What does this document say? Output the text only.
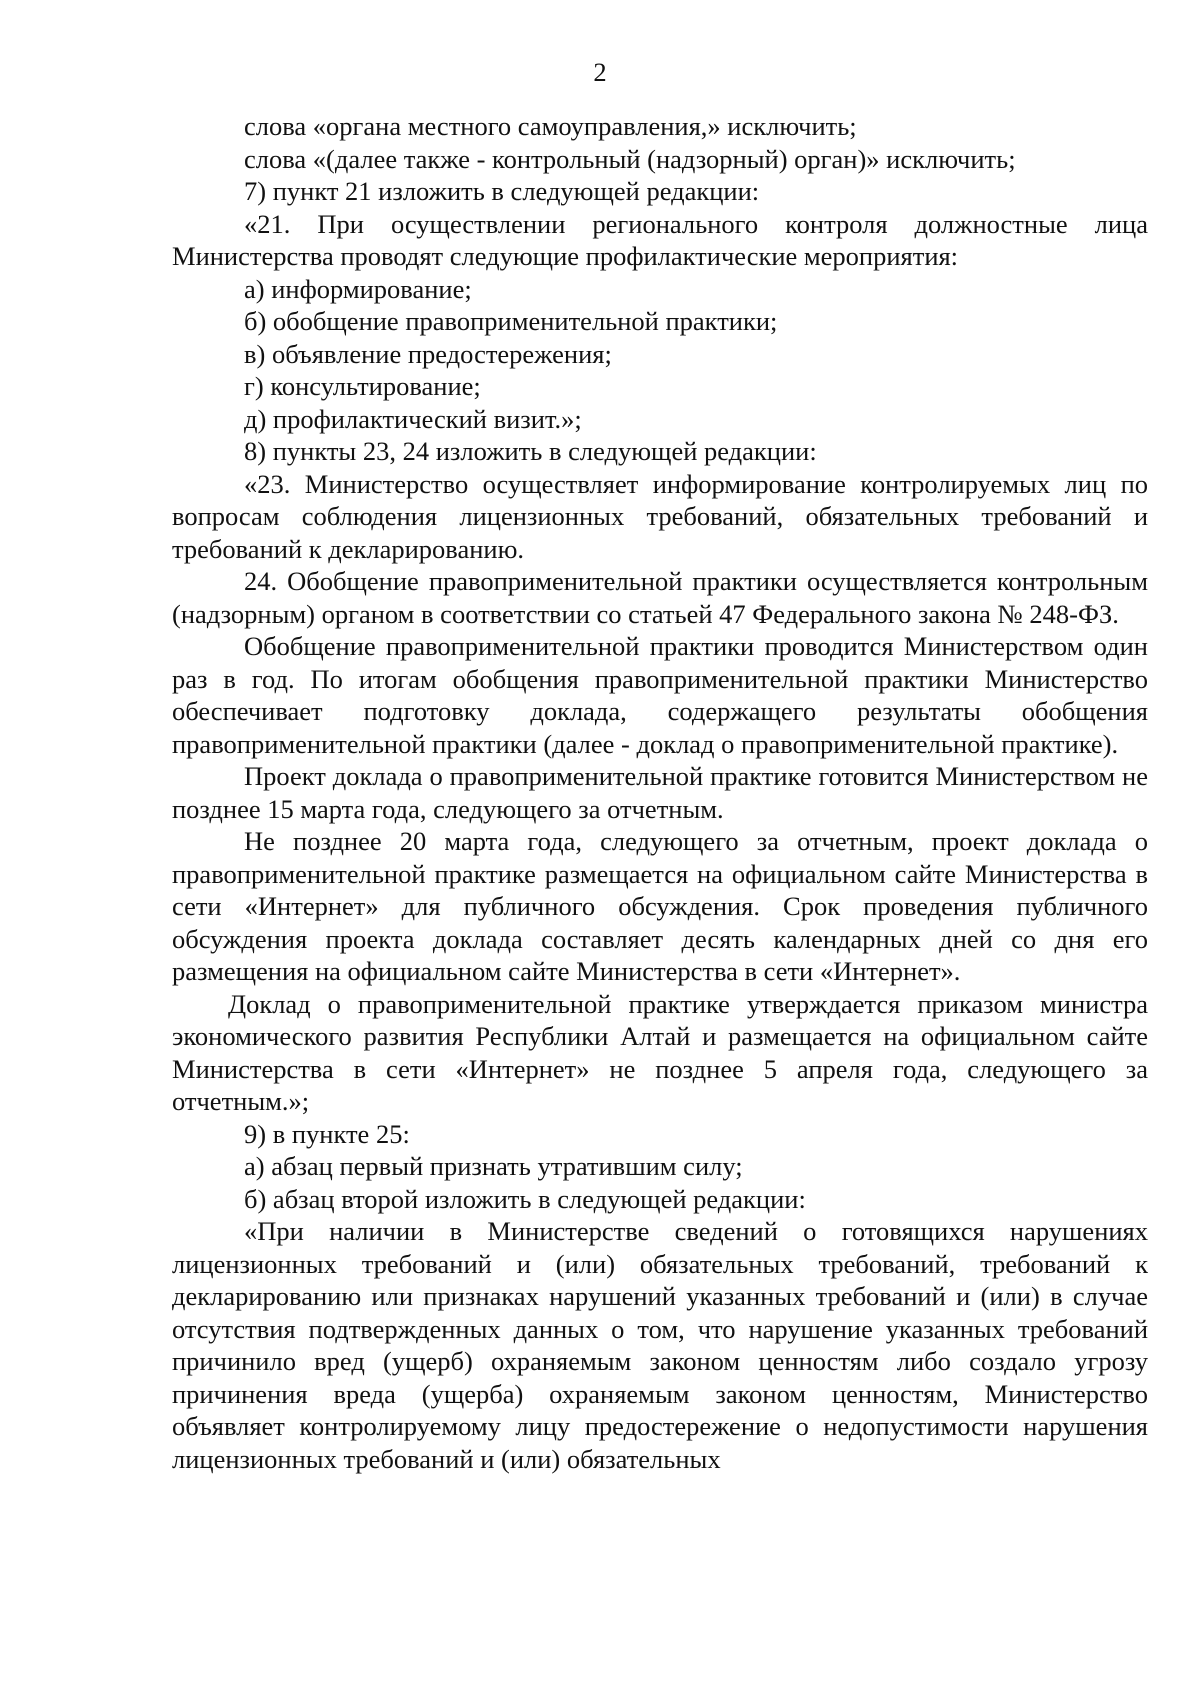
2

слова «органа местного самоуправления,» исключить;

слова «(далее также - контрольный (надзорный) орган)» исключить;

7) пункт 21 изложить в следующей редакции:

«21. При осуществлении регионального контроля должностные лица Министерства проводят следующие профилактические мероприятия:

а) информирование;

б) обобщение правоприменительной практики;

в) объявление предостережения;

г) консультирование;

д) профилактический визит.»;

8) пункты 23, 24 изложить в следующей редакции:

«23. Министерство осуществляет информирование контролируемых лиц по вопросам соблюдения лицензионных требований, обязательных требований и требований к декларированию.

24. Обобщение правоприменительной практики осуществляется контрольным (надзорным) органом в соответствии со статьей 47 Федерального закона № 248-ФЗ.

Обобщение правоприменительной практики проводится Министерством один раз в год. По итогам обобщения правоприменительной практики Министерство обеспечивает подготовку доклада, содержащего результаты обобщения правоприменительной практики (далее - доклад о правоприменительной практике).

Проект доклада о правоприменительной практике готовится Министерством не позднее 15 марта года, следующего за отчетным.

Не позднее 20 марта года, следующего за отчетным, проект доклада о правоприменительной практике размещается на официальном сайте Министерства в сети «Интернет» для публичного обсуждения. Срок проведения публичного обсуждения проекта доклада составляет десять календарных дней со дня его размещения на официальном сайте Министерства в сети «Интернет».

Доклад о правоприменительной практике утверждается приказом министра экономического развития Республики Алтай и размещается на официальном сайте Министерства в сети «Интернет» не позднее 5 апреля года, следующего за отчетным.»;

9) в пункте 25:

а) абзац первый признать утратившим силу;

б) абзац второй изложить в следующей редакции:

«При наличии в Министерстве сведений о готовящихся нарушениях лицензионных требований и (или) обязательных требований, требований к декларированию или признаках нарушений указанных требований и (или) в случае отсутствия подтвержденных данных о том, что нарушение указанных требований причинило вред (ущерб) охраняемым законом ценностям либо создало угрозу причинения вреда (ущерба) охраняемым законом ценностям, Министерство объявляет контролируемому лицу предостережение о недопустимости нарушения лицензионных требований и (или) обязательных
